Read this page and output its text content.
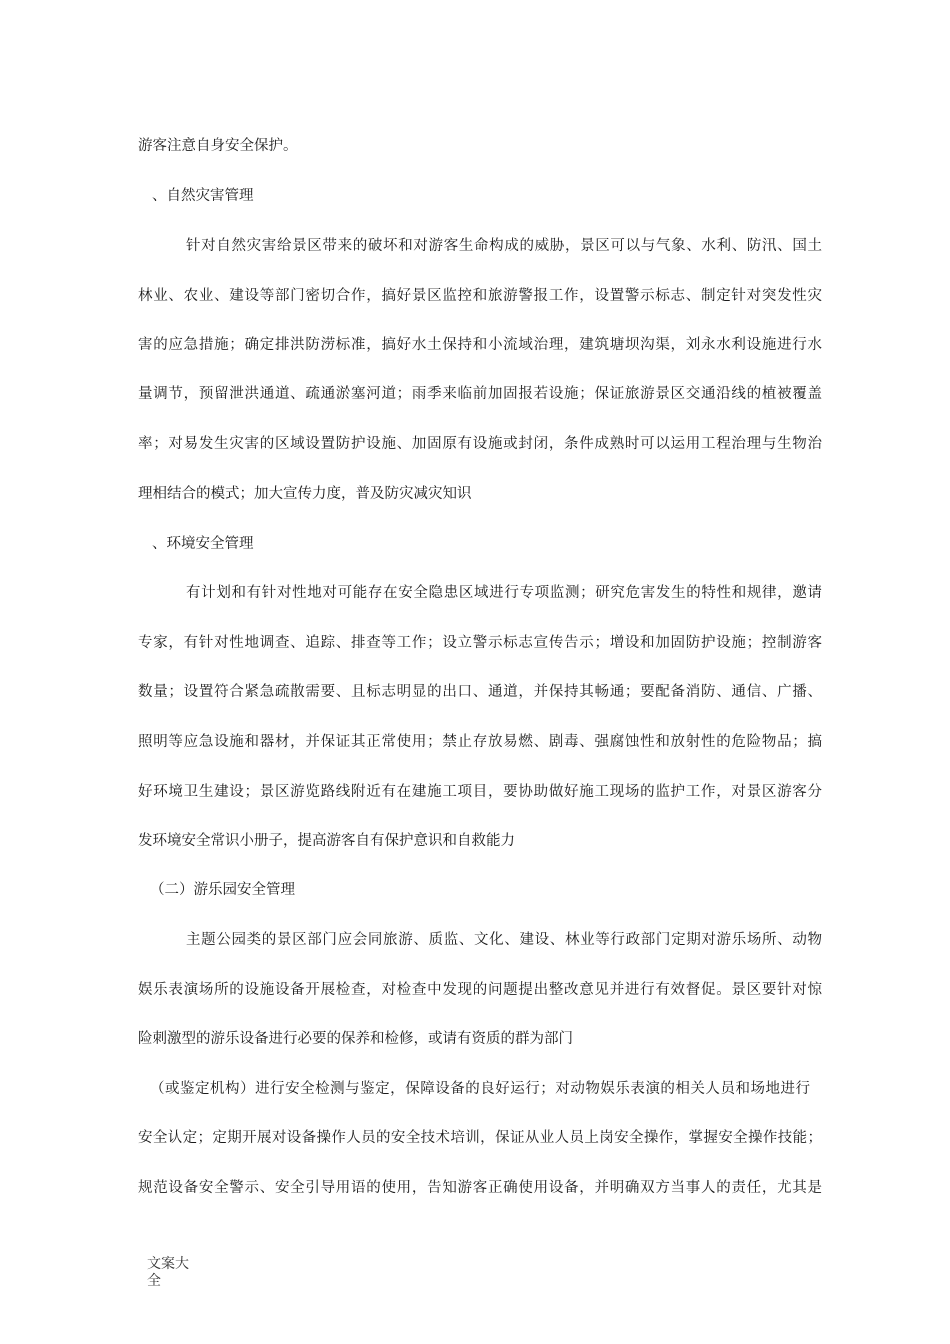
游客注意自身安全保护。
、自然灾害管理
针对自然灾害给景区带来的破坏和对游客生命构成的威胁，景区可以与气象、水利、防汛、国土
林业、农业、建设等部门密切合作，搞好景区监控和旅游警报工作，设置警示标志、制定针对突发性灾
害的应急措施；确定排洪防涝标准，搞好水土保持和小流域治理，建筑塘坝沟渠，刘永水利设施进行水
量调节，预留泄洪通道、疏通淤塞河道；雨季来临前加固报若设施；保证旅游景区交通沿线的植被覆盖
率；对易发生灾害的区域设置防护设施、加固原有设施或封闭，条件成熟时可以运用工程治理与生物治
理相结合的模式；加大宣传力度，普及防灾减灾知识
、环境安全管理
有计划和有针对性地对可能存在安全隐患区域进行专项监测；研究危害发生的特性和规律，邀请
专家，有针对性地调查、追踪、排查等工作；设立警示标志宣传告示；增设和加固防护设施；控制游客
数量；设置符合紧急疏散需要、且标志明显的出口、通道，并保持其畅通；要配备消防、通信、广播、
照明等应急设施和器材，并保证其正常使用；禁止存放易燃、剧毒、强腐蚀性和放射性的危险物品；搞
好环境卫生建设；景区游览路线附近有在建施工项目，要协助做好施工现场的监护工作，对景区游客分
发环境安全常识小册子，提高游客自有保护意识和自救能力
（二）游乐园安全管理
主题公园类的景区部门应会同旅游、质监、文化、建设、林业等行政部门定期对游乐场所、动物
娱乐表演场所的设施设备开展检查，对检查中发现的问题提出整改意见并进行有效督促。景区要针对惊
险刺激型的游乐设备进行必要的保养和检修，或请有资质的群为部门
（或鉴定机构）进行安全检测与鉴定，保障设备的良好运行；对动物娱乐表演的相关人员和场地进行
安全认定；定期开展对设备操作人员的安全技术培训，保证从业人员上岗安全操作，掌握安全操作技能；
规范设备安全警示、安全引导用语的使用，告知游客正确使用设备，并明确双方当事人的责任，尤其是
文案大全
